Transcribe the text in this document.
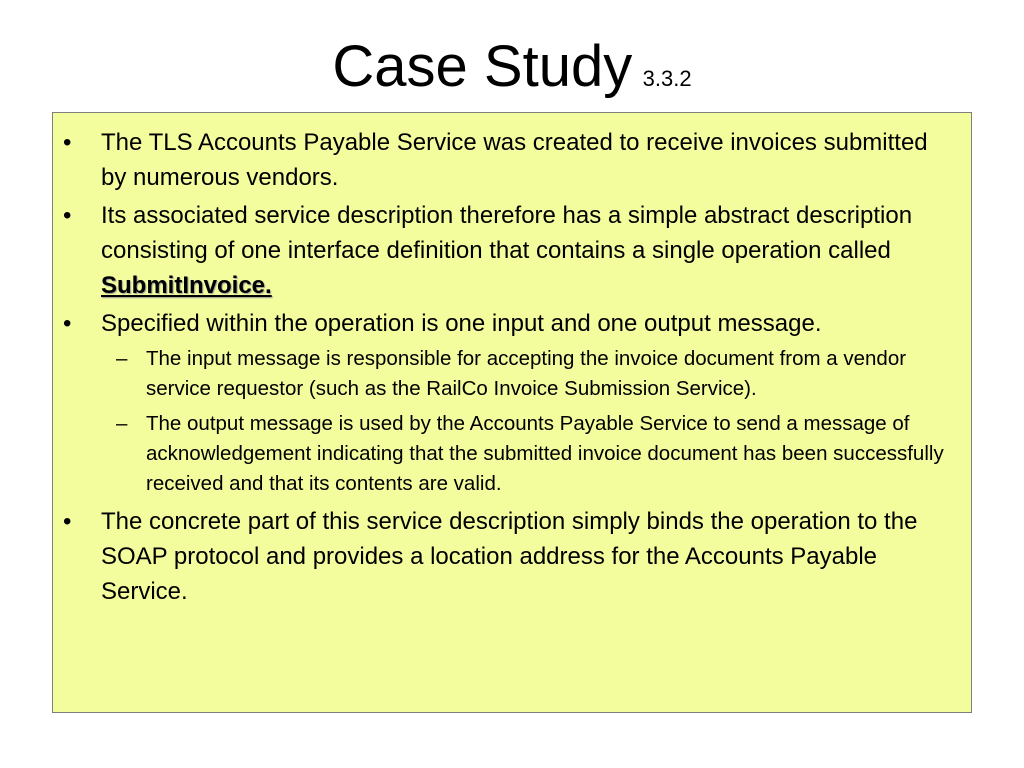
Case Study 3.3.2
• The TLS Accounts Payable Service was created to receive invoices submitted by numerous vendors.
• Its associated service description therefore has a simple abstract description consisting of one interface definition that contains a single operation called SubmitInvoice.
• Specified within the operation is one input and one output message.
– The input message is responsible for accepting the invoice document from a vendor service requestor (such as the RailCo Invoice Submission Service).
– The output message is used by the Accounts Payable Service to send a message of acknowledgement indicating that the submitted invoice document has been successfully received and that its contents are valid.
• The concrete part of this service description simply binds the operation to the SOAP protocol and provides a location address for the Accounts Payable Service.
